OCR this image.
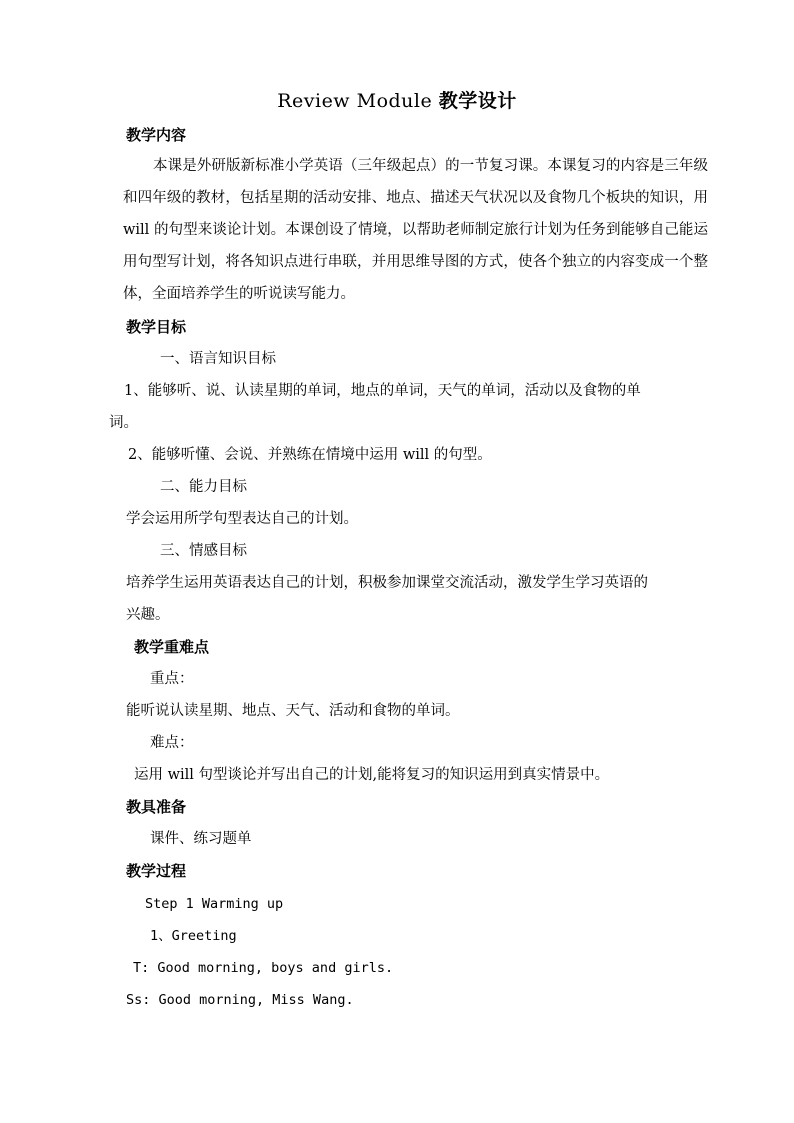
Review Module 教学设计
教学内容
本课是外研版新标准小学英语（三年级起点）的一节复习课。本课复习的内容是三年级和四年级的教材，包括星期的活动安排、地点、描述天气状况以及食物几个板块的知识，用 will 的句型来谈论计划。本课创设了情境，以帮助老师制定旅行计划为任务到能够自己能运用句型写计划，将各知识点进行串联，并用思维导图的方式，使各个独立的内容变成一个整体，全面培养学生的听说读写能力。
教学目标
一、语言知识目标
1、能够听、说、认读星期的单词，地点的单词，天气的单词，活动以及食物的单
词。
2、能够听懂、会说、并熟练在情境中运用 will 的句型。
二、能力目标
学会运用所学句型表达自己的计划。
三、情感目标
培养学生运用英语表达自己的计划，积极参加课堂交流活动，激发学生学习英语的
兴趣。
教学重难点
重点：
能听说认读星期、地点、天气、活动和食物的单词。
难点：
运用 will 句型谈论并写出自己的计划,能将复习的知识运用到真实情景中。
教具准备
课件、练习题单
教学过程
Step 1 Warming up
1、Greeting
T: Good morning, boys and girls.
Ss: Good morning, Miss Wang.
